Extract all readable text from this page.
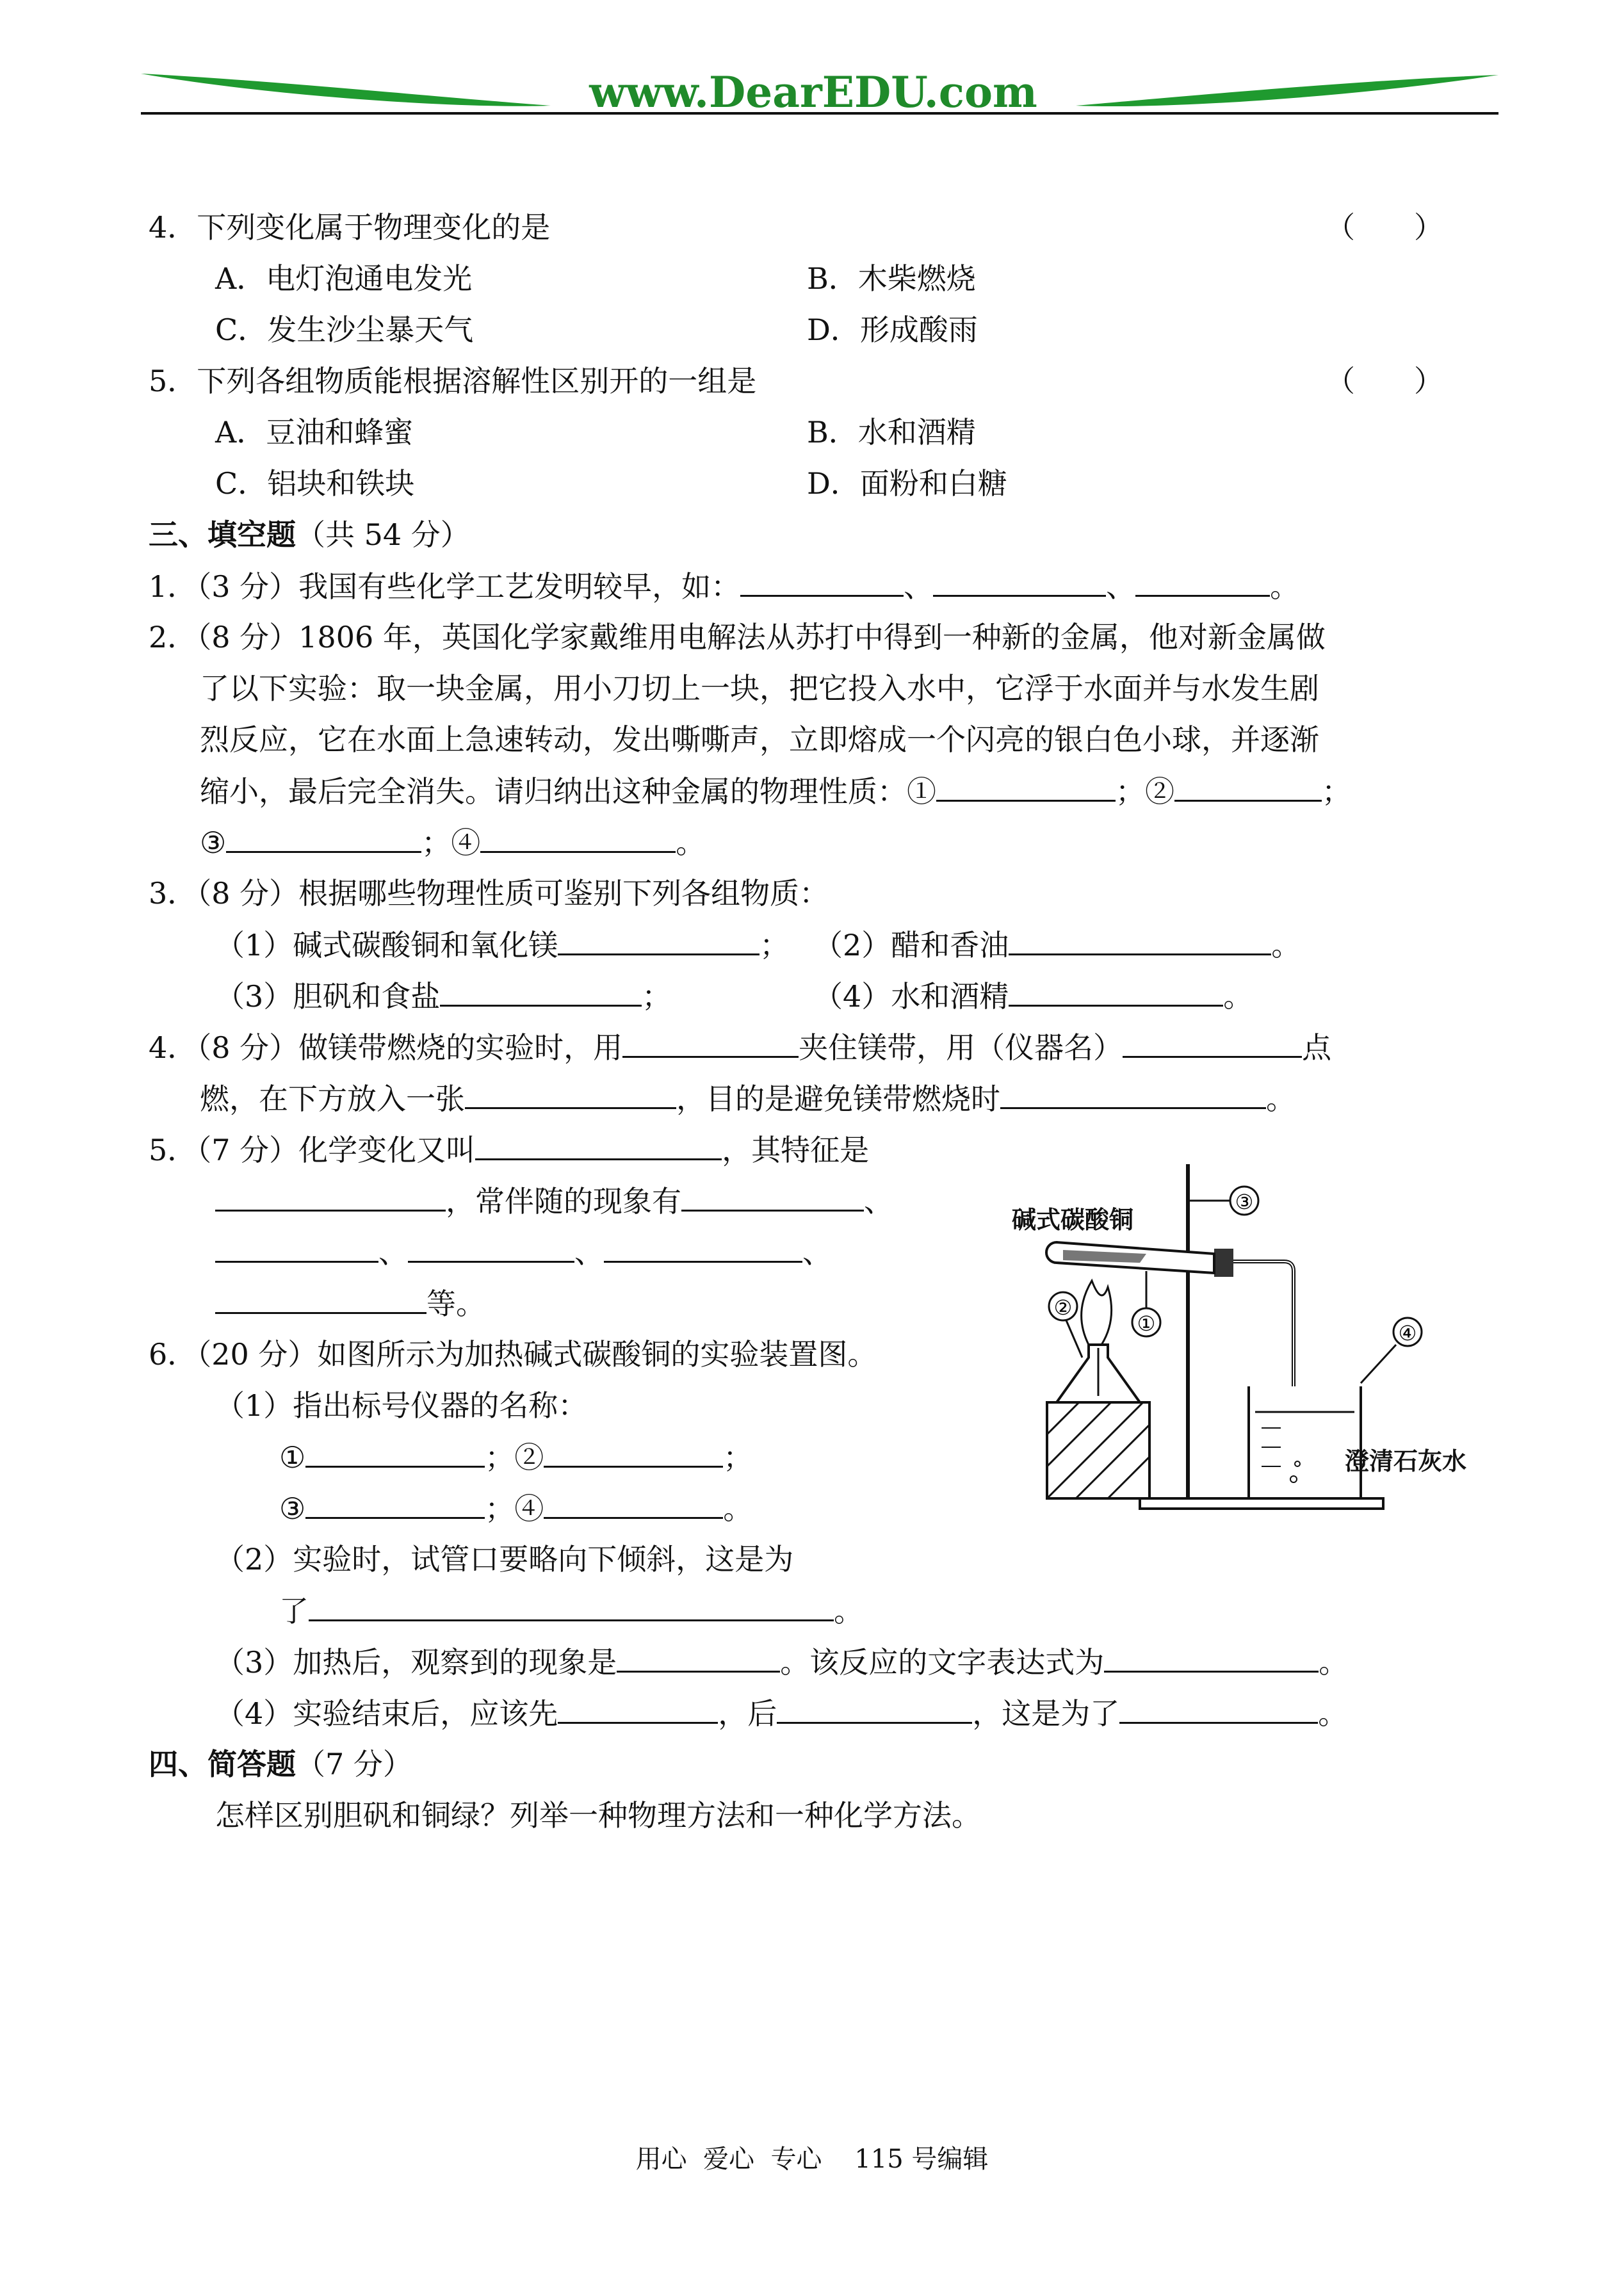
www.DearEDU.com
4．下列变化属于物理变化的是	（　　）
A．电灯泡通电发光	B．木柴燃烧
C．发生沙尘暴天气	D．形成酸雨
5．下列各组物质能根据溶解性区别开的一组是	（　　）
A．豆油和蜂蜜	B．水和酒精
C．铝块和铁块	D．面粉和白糖
三、填空题（共 54 分）
1．（3 分）我国有些化学工艺发明较早，如：	、	、	。
2．（8 分）1806 年，英国化学家戴维用电解法从苏打中得到一种新的金属，他对新金属做
了以下实验：取一块金属，用小刀切上一块，把它投入水中，它浮于水面并与水发生剧
烈反应，它在水面上急速转动，发出嘶嘶声，立即熔成一个闪亮的银白色小球，并逐渐
缩小，最后完全消失。请归纳出这种金属的物理性质：①	；②	；
③	；④	。
3．（8 分）根据哪些物理性质可鉴别下列各组物质：
（1）碱式碳酸铜和氧化镁	； （2）醋和香油	。
（3）胆矾和食盐	；	（4）水和酒精	。
4．（8 分）做镁带燃烧的实验时，用	夹住镁带，用（仪器名）	点
燃，在下方放入一张	，目的是避免镁带燃烧时	。
5．（7 分）化学变化又叫	，其特征是
，常伴随的现象有	、
、	、	、
等。
6．（20 分）如图所示为加热碱式碳酸铜的实验装置图。
（1）指出标号仪器的名称：
①	；②	；
③	；④	。
（2）实验时，试管口要略向下倾斜，这是为
了	。
（3）加热后，观察到的现象是	。该反应的文字表达式为	。
（4）实验结束后，应该先	，后	，这是为了	。
碱式碳酸铜
澄清石灰水
③
①
②
④
四、简答题（7 分）
怎样区别胆矾和铜绿？列举一种物理方法和一种化学方法。
用心  爱心  专心    115 号编辑
